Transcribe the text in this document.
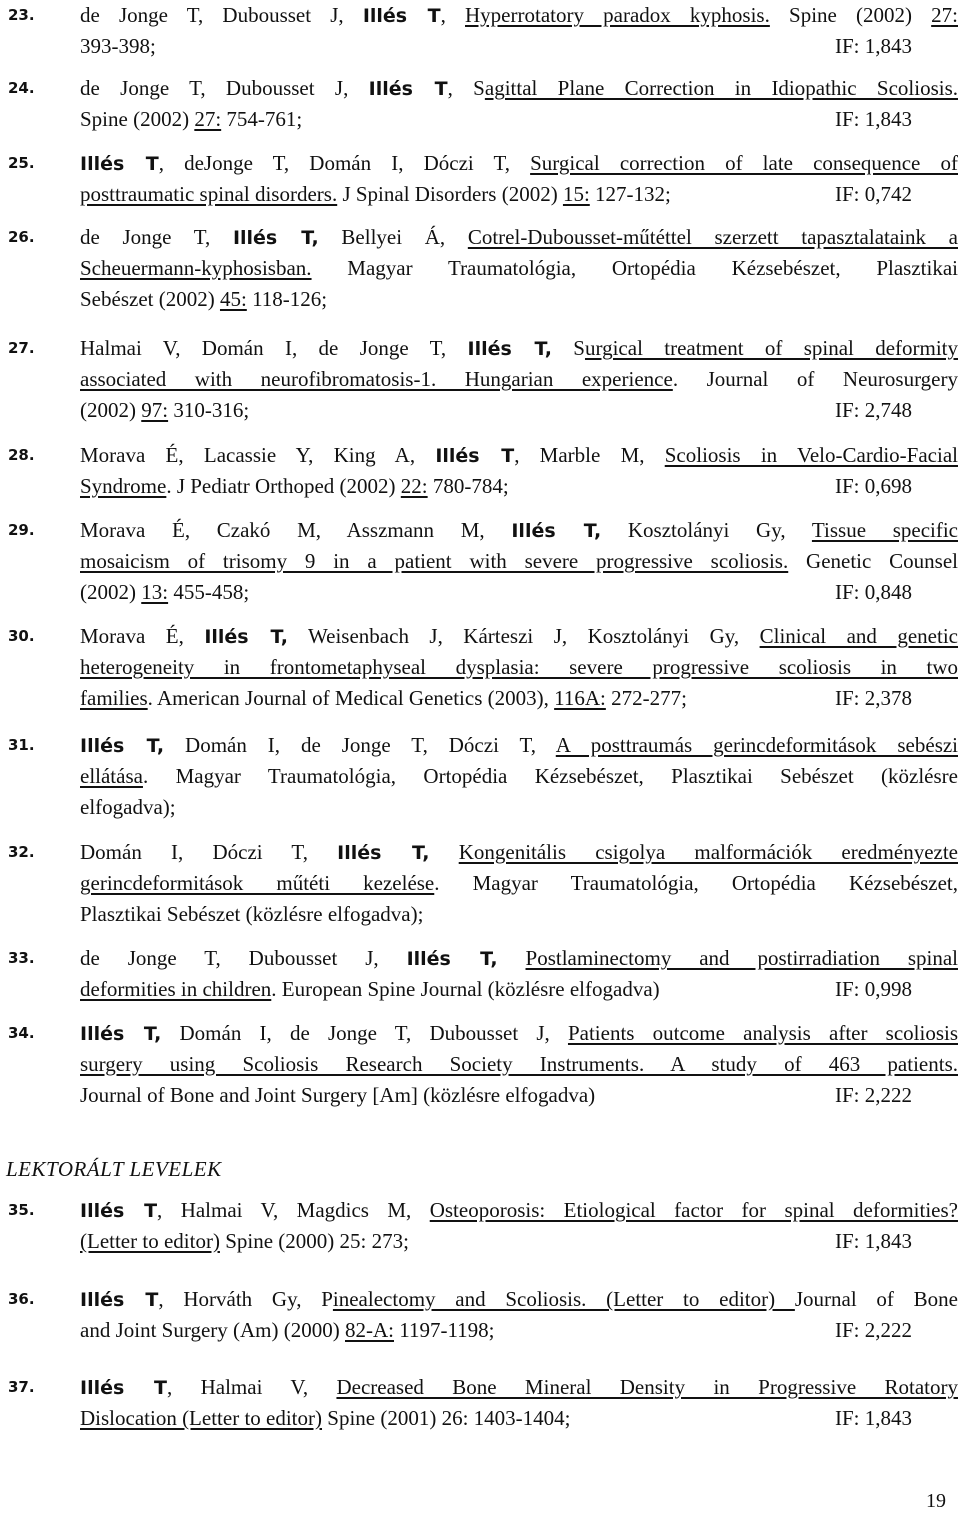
LEKTORÁLT LEVELEK
19
23. de Jonge T, Dubousset J, Illés T, Hyperrotatory paradox kyphosis. Spine (2002) 27:
393-398;	IF: 1,843
24. de Jonge T, Dubousset J, Illés T, Sagittal Plane Correction in Idiopathic Scoliosis.
Spine (2002) 27: 754-761;	IF: 1,843
25. Illés T, deJonge T, Domán I, Dóczi T, Surgical correction of late consequence of
posttraumatic spinal disorders. J Spinal Disorders (2002) 15: 127-132;	IF: 0,742
26. de Jonge T, Illés T, Bellyei Á, Cotrel-Dubousset-műtéttel szerzett tapasztalataink a
Scheuermann-kyphosisban. Magyar Traumatológia, Ortopédia Kézsebészet, Plasztikai
Sebészet (2002) 45: 118-126;
27. Halmai V, Domán I, de Jonge T, Illés T, Surgical treatment of spinal deformity
associated with neurofibromatosis-1. Hungarian experience. Journal of Neurosurgery
(2002) 97: 310-316;	IF: 2,748
28. Morava É, Lacassie Y, King A, Illés T, Marble M, Scoliosis in Velo-Cardio-Facial
Syndrome. J Pediatr Orthoped (2002) 22: 780-784;	IF: 0,698
29. Morava É, Czakó M, Asszmann M, Illés T, Kosztolányi Gy, Tissue specific
mosaicism of trisomy 9 in a patient with severe progressive scoliosis. Genetic Counsel
(2002) 13: 455-458;	IF: 0,848
30. Morava É, Illés T, Weisenbach J, Kárteszi J, Kosztolányi Gy, Clinical and genetic
heterogeneity in frontometaphyseal dysplasia: severe progressive scoliosis in two
families. American Journal of Medical Genetics (2003), 116A: 272-277;	IF: 2,378
31. Illés T, Domán I, de Jonge T, Dóczi T, A posttraumás gerincdeformitások sebészi
ellátása. Magyar Traumatológia, Ortopédia Kézsebészet, Plasztikai Sebészet (közlésre
elfogadva);
32. Domán I, Dóczi T, Illés T, Kongenitális csigolya malformációk eredményezte
gerincdeformitások műtéti kezelése. Magyar Traumatológia, Ortopédia Kézsebészet,
Plasztikai Sebészet (közlésre elfogadva);
33. de Jonge T, Dubousset J, Illés T, Postlaminectomy and postirradiation spinal
deformities in children. European Spine Journal (közlésre elfogadva)	IF: 0,998
34. Illés T, Domán I, de Jonge T, Dubousset J, Patients outcome analysis after scoliosis
surgery using Scoliosis Research Society Instruments. A study of 463 patients.
Journal of Bone and Joint Surgery [Am] (közlésre elfogadva)	IF: 2,222
35. Illés T, Halmai V, Magdics M, Osteoporosis: Etiological factor for spinal deformities?
(Letter to editor) Spine (2000) 25: 273;	IF: 1,843
36. Illés T, Horváth Gy, Pinealectomy and Scoliosis. (Letter to editor) Journal of Bone
and Joint Surgery (Am) (2000) 82-A: 1197-1198;	IF: 2,222
37. Illés T, Halmai V, Decreased Bone Mineral Density in Progressive Rotatory
Dislocation (Letter to editor) Spine (2001) 26: 1403-1404;	IF: 1,843
